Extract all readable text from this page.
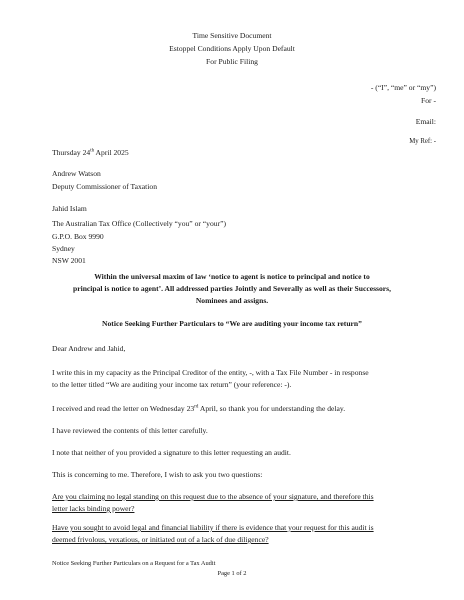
Time Sensitive Document
Estoppel Conditions Apply Upon Default
For Public Filing
- (“I”, “me” or “my”)
For -
Email:
My Ref: -
Thursday 24th April 2025
Andrew Watson
Deputy Commissioner of Taxation
Jahid Islam
The Australian Tax Office (Collectively “you” or “your”)
G.P.O. Box 9990
Sydney
NSW 2001
Within the universal maxim of law ‘notice to agent is notice to principal and notice to
principal is notice to agent’. All addressed parties Jointly and Severally as well as their Successors,
Nominees and assigns.
Notice Seeking Further Particulars to “We are auditing your income tax return”
Dear Andrew and Jahid,
I write this in my capacity as the Principal Creditor of the entity, -, with a Tax File Number - in response
to the letter titled “We are auditing your income tax return” (your reference: -).
I received and read the letter on Wednesday 23rd April, so thank you for understanding the delay.
I have reviewed the contents of this letter carefully.
I note that neither of you provided a signature to this letter requesting an audit.
This is concerning to me. Therefore, I wish to ask you two questions:
Are you claiming no legal standing on this request due to the absence of your signature, and therefore this
letter lacks binding power?
Have you sought to avoid legal and financial liability if there is evidence that your request for this audit is
deemed frivolous, vexatious, or initiated out of a lack of due diligence?
Notice Seeking Further Particulars on a Request for a Tax Audit
Page 1 of 2
